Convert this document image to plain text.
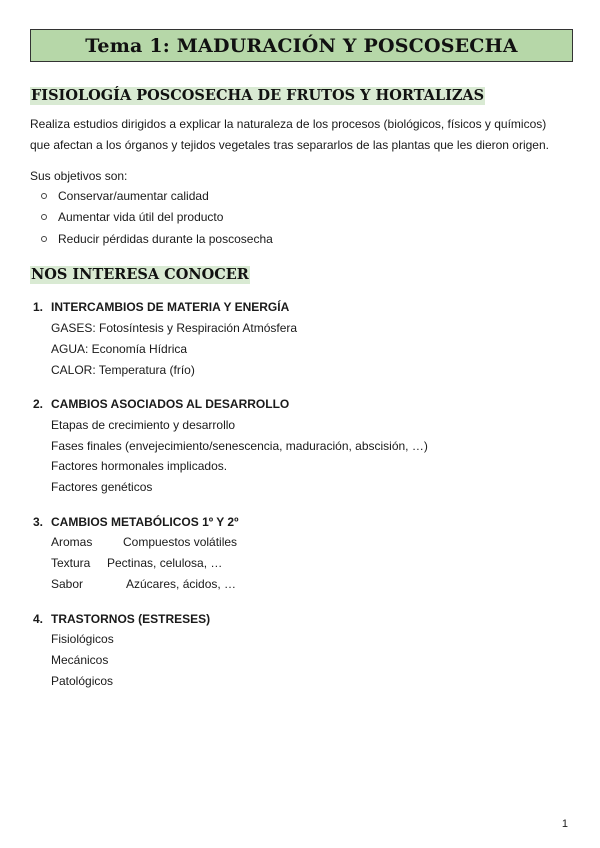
Tema 1: MADURACIÓN Y POSCOSECHA
FISIOLOGÍA POSCOSECHA DE FRUTOS Y HORTALIZAS
Realiza estudios dirigidos a explicar la naturaleza de los procesos (biológicos, físicos y químicos)
que afectan a los órganos y tejidos vegetales tras separarlos de las plantas que les dieron origen.
Sus objetivos son:
Conservar/aumentar calidad
Aumentar vida útil del producto
Reducir pérdidas durante la poscosecha
NOS INTERESA CONOCER
1. INTERCAMBIOS DE MATERIA Y ENERGÍA
GASES: Fotosíntesis y Respiración Atmósfera
AGUA: Economía Hídrica
CALOR: Temperatura (frío)
2. CAMBIOS ASOCIADOS AL DESARROLLO
Etapas de crecimiento y desarrollo
Fases finales (envejecimiento/senescencia, maduración, abscisión, …)
Factores hormonales implicados.
Factores genéticos
3. CAMBIOS METABÓLICOS 1º Y 2º
Aromas	Compuestos volátiles
Textura Pectinas, celulosa, …
Sabor	Azúcares, ácidos, …
4. TRASTORNOS (ESTRESES)
Fisiológicos
Mecánicos
Patológicos
1
